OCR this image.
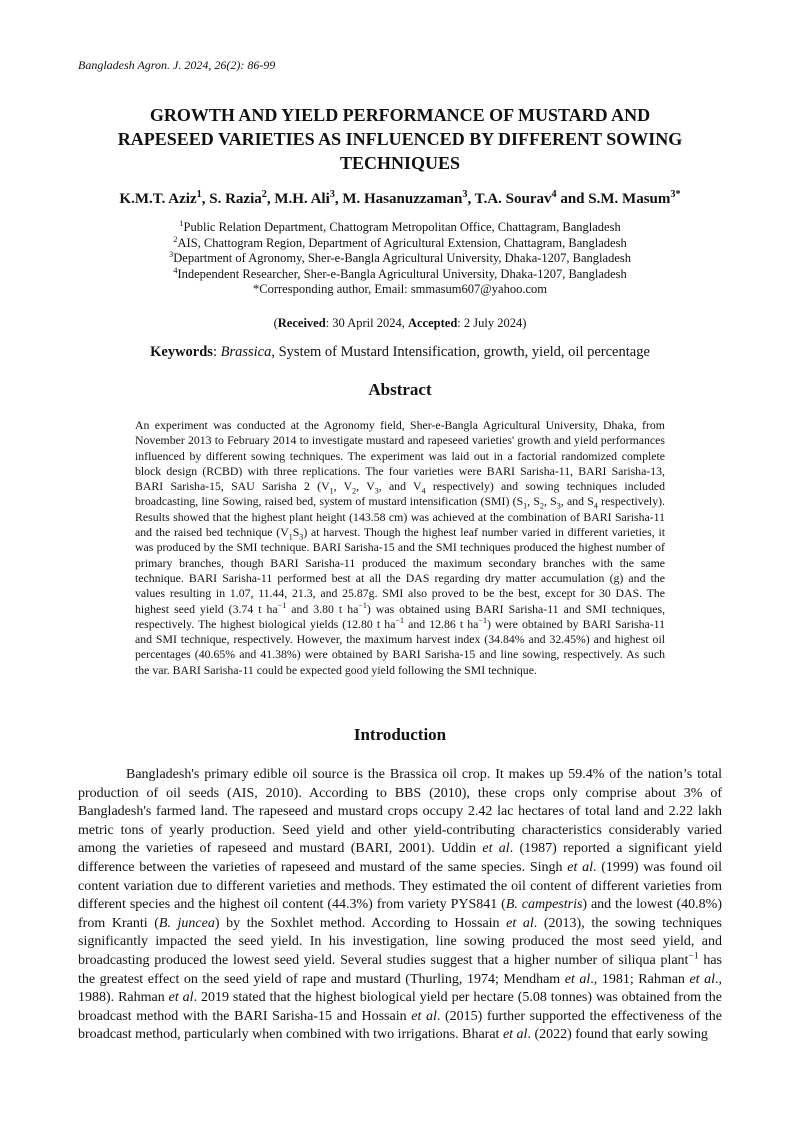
Bangladesh Agron. J. 2024, 26(2): 86-99
GROWTH AND YIELD PERFORMANCE OF MUSTARD AND
RAPESEED VARIETIES AS INFLUENCED BY DIFFERENT SOWING
TECHNIQUES
K.M.T. Aziz$^1$, S. Razia$^2$, M.H. Ali$^3$, M. Hasanuzzaman$^3$, T.A. Sourav$^4$ and S.M. Masum$^{3*}$
$^1$Public Relation Department, Chattogram Metropolitan Office, Chattagram, Bangladesh
$^2$AIS, Chattogram Region, Department of Agricultural Extension, Chattagram, Bangladesh
$^3$Department of Agronomy, Sher-e-Bangla Agricultural University, Dhaka-1207, Bangladesh
$^4$Independent Researcher, Sher-e-Bangla Agricultural University, Dhaka-1207, Bangladesh
*Corresponding author, Email: smmasum607@yahoo.com
(Received: 30 April 2024, Accepted: 2 July 2024)
Keywords: Brassica, System of Mustard Intensification, growth, yield, oil percentage
Abstract
An experiment was conducted at the Agronomy field, Sher-e-Bangla Agricultural University, Dhaka, from November 2013 to February 2014 to investigate mustard and rapeseed varieties' growth and yield performances influenced by different sowing techniques. The experiment was laid out in a factorial randomized complete block design (RCBD) with three replications. The four varieties were BARI Sarisha-11, BARI Sarisha-13, BARI Sarisha-15, SAU Sarisha 2 ($V_1$, $V_2$, $V_3$, and $V_4$ respectively) and sowing techniques included broadcasting, line Sowing, raised bed, system of mustard intensification (SMI) ($S_1$, $S_2$, $S_3$, and $S_4$ respectively). Results showed that the highest plant height (143.58 cm) was achieved at the combination of BARI Sarisha-11 and the raised bed technique $(V_1S_3)$ at harvest. Though the highest leaf number varied in different varieties, it was produced by the SMI technique. BARI Sarisha-15 and the SMI techniques produced the highest number of primary branches, though BARI Sarisha-11 produced the maximum secondary branches with the same technique. BARI Sarisha-11 performed best at all the DAS regarding dry matter accumulation (g) and the values resulting in 1.07, 11.44, 21.3, and 25.87g. SMI also proved to be the best, except for 30 DAS. The highest seed yield (3.74 t $ha^{-1}$ and 3.80 t $ha^{-1}$) was obtained using BARI Sarisha-11 and SMI techniques, respectively. The highest biological yields (12.80 t $ha^{-1}$ and 12.86 t $ha^{-1}$) were obtained by BARI Sarisha-11 and SMI technique, respectively. However, the maximum harvest index (34.84% and 32.45%) and highest oil percentages (40.65% and 41.38%) were obtained by BARI Sarisha-15 and line sowing, respectively. As such the var. BARI Sarisha-11 could be expected good yield following the SMI technique.
Introduction
Bangladesh's primary edible oil source is the Brassica oil crop. It makes up 59.4% of the nation’s total production of oil seeds (AIS, 2010). According to BBS (2010), these crops only comprise about 3% of Bangladesh's farmed land. The rapeseed and mustard crops occupy 2.42 lac hectares of total land and 2.22 lakh metric tons of yearly production. Seed yield and other yield-contributing characteristics considerably varied among the varieties of rapeseed and mustard (BARI, 2001). Uddin et al. (1987) reported a significant yield difference between the varieties of rapeseed and mustard of the same species. Singh et al. (1999) was found oil content variation due to different varieties and methods. They estimated the oil content of different varieties from different species and the highest oil content (44.3%) from variety PYS841 (B. campestris) and the lowest (40.8%) from Kranti (B. juncea) by the Soxhlet method. According to Hossain et al. (2013), the sowing techniques significantly impacted the seed yield. In his investigation, line sowing produced the most seed yield, and broadcasting produced the lowest seed yield. Several studies suggest that a higher number of siliqua plant$^{-1}$ has the greatest effect on the seed yield of rape and mustard (Thurling, 1974; Mendham et al., 1981; Rahman et al., 1988). Rahman et al. 2019 stated that the highest biological yield per hectare (5.08 tonnes) was obtained from the broadcast method with the BARI Sarisha-15 and Hossain et al. (2015) further supported the effectiveness of the broadcast method, particularly when combined with two irrigations. Bharat et al. (2022) found that early sowing
